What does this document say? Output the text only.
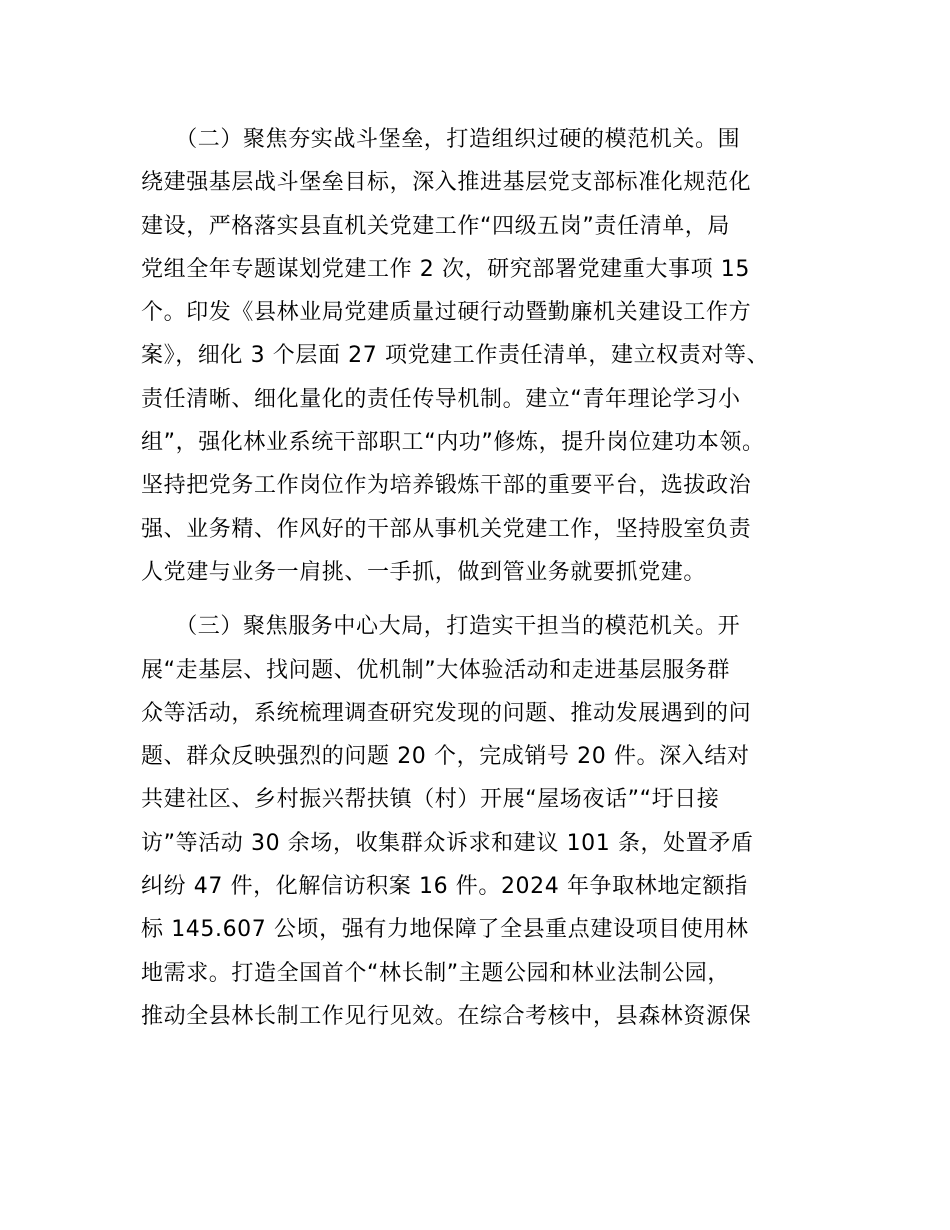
　　（二）聚焦夯实战斗堡垒，打造组织过硬的模范机关。围
绕建强基层战斗堡垒目标，深入推进基层党支部标准化规范化
建设，严格落实县直机关党建工作“四级五岗”责任清单，局
党组全年专题谋划党建工作 2 次，研究部署党建重大事项 15
个。印发《县林业局党建质量过硬行动暨勤廉机关建设工作方
案》，细化 3 个层面 27 项党建工作责任清单，建立权责对等、
责任清晰、细化量化的责任传导机制。建立“青年理论学习小
组”，强化林业系统干部职工“内功”修炼，提升岗位建功本领。
坚持把党务工作岗位作为培养锻炼干部的重要平台，选拔政治
强、业务精、作风好的干部从事机关党建工作，坚持股室负责
人党建与业务一肩挑、一手抓，做到管业务就要抓党建。
　　（三）聚焦服务中心大局，打造实干担当的模范机关。开
展“走基层、找问题、优机制”大体验活动和走进基层服务群
众等活动，系统梳理调查研究发现的问题、推动发展遇到的问
题、群众反映强烈的问题 20 个，完成销号 20 件。深入结对
共建社区、乡村振兴帮扶镇（村）开展“屋场夜话”“圩日接
访”等活动 30 余场，收集群众诉求和建议 101 条，处置矛盾
纠纷 47 件，化解信访积案 16 件。2024 年争取林地定额指
标 145.607 公顷，强有力地保障了全县重点建设项目使用林
地需求。打造全国首个“林长制”主题公园和林业法制公园，
推动全县林长制工作见行见效。在综合考核中，县森林资源保
